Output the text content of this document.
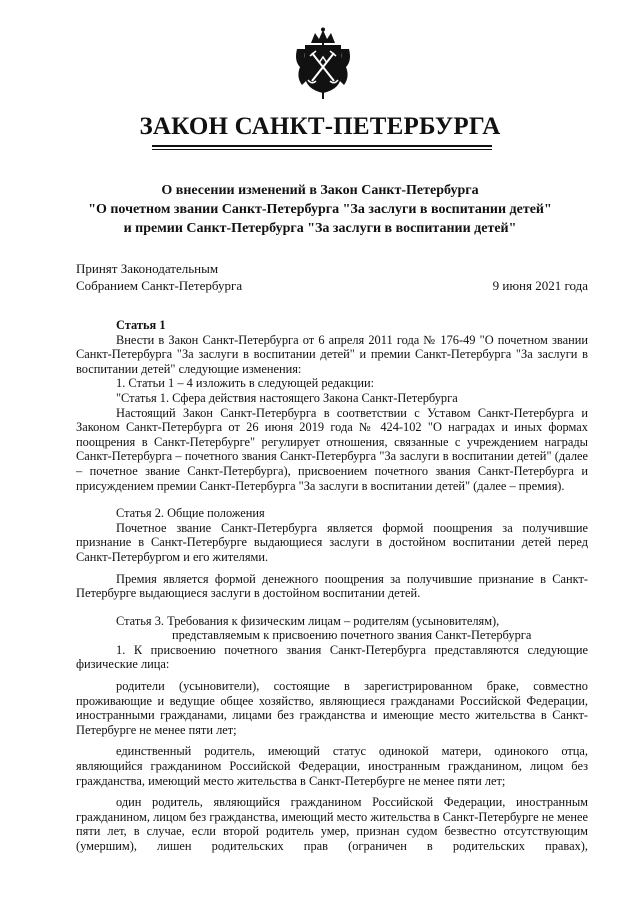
ЗАКОН САНКТ-ПЕТЕРБУРГА
О внесении изменений в Закон Санкт-Петербурга
"О почетном звании Санкт-Петербурга "За заслуги в воспитании детей"
и премии Санкт-Петербурга "За заслуги в воспитании детей"
Принят Законодательным
Собранием Санкт-Петербурга	9 июня 2021 года

Статья 1

Внести в Закон Санкт-Петербурга от 6 апреля 2011 года № 176-49 "О почетном звании Санкт-Петербурга "За заслуги в воспитании детей" и премии Санкт-Петербурга "За заслуги в воспитании детей" следующие изменения:

1. Статьи 1 – 4 изложить в следующей редакции:

"Статья 1. Сфера действия настоящего Закона Санкт-Петербурга

Настоящий Закон Санкт-Петербурга в соответствии с Уставом Санкт-Петербурга и Законом Санкт-Петербурга от 26 июня 2019 года № 424-102 "О наградах и иных формах поощрения в Санкт-Петербурге" регулирует отношения, связанные с учреждением награды Санкт-Петербурга – почетного звания Санкт-Петербурга "За заслуги в воспитании детей" (далее – почетное звание Санкт-Петербурга), присвоением почетного звания Санкт-Петербурга и присуждением премии Санкт-Петербурга "За заслуги в воспитании детей" (далее – премия).

Статья 2. Общие положения

Почетное звание Санкт-Петербурга является формой поощрения за получившие признание в Санкт-Петербурге выдающиеся заслуги в достойном воспитании детей перед Санкт-Петербургом и его жителями.

Премия является формой денежного поощрения за получившие признание в Санкт-Петербурге выдающиеся заслуги в достойном воспитании детей.

Статья 3. Требования к физическим лицам – родителям (усыновителям),

представляемым к присвоению почетного звания Санкт-Петербурга

1. К присвоению почетного звания Санкт-Петербурга представляются следующие физические лица:

родители (усыновители), состоящие в зарегистрированном браке, совместно проживающие и ведущие общее хозяйство, являющиеся гражданами Российской Федерации, иностранными гражданами, лицами без гражданства и имеющие место жительства в Санкт-Петербурге не менее пяти лет;

единственный родитель, имеющий статус одинокой матери, одинокого отца, являющийся гражданином Российской Федерации, иностранным гражданином, лицом без гражданства, имеющий место жительства в Санкт-Петербурге не менее пяти лет;

один родитель, являющийся гражданином Российской Федерации, иностранным гражданином, лицом без гражданства, имеющий место жительства в Санкт-Петербурге не менее пяти лет, в случае, если второй родитель умер, признан судом безвестно отсутствующим (умершим), лишен родительских прав (ограничен в родительских правах),
